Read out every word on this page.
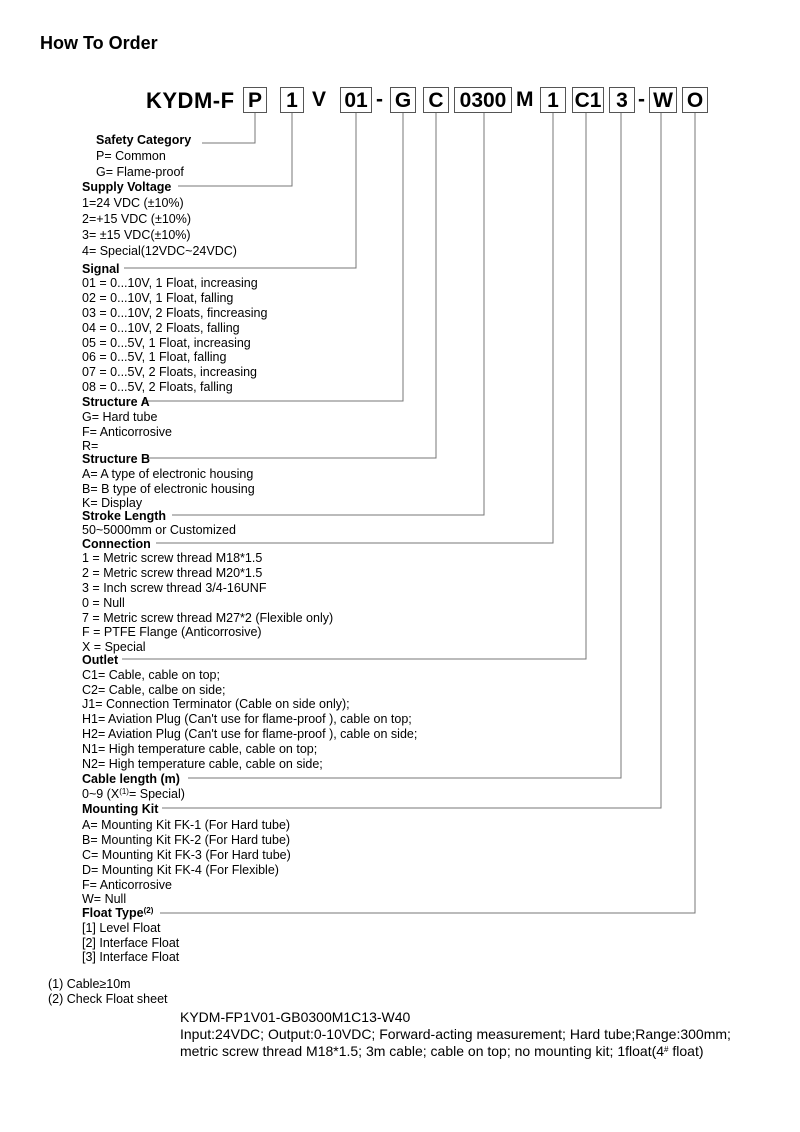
How To Order
KYDM-F P 1 V 01 - G C 0300 M 1 C1 3 - W O
Safety Category
P= Common
G= Flame-proof
Supply Voltage
1=24 VDC (±10%)
2=+15 VDC (±10%)
3= ±15 VDC(±10%)
4= Special(12VDC~24VDC)
Signal
01 = 0...10V, 1 Float, increasing
02 = 0...10V, 1 Float, falling
03 = 0...10V, 2 Floats, fincreasing
04 = 0...10V, 2 Floats, falling
05 = 0...5V, 1 Float, increasing
06 = 0...5V, 1 Float, falling
07 = 0...5V, 2 Floats, increasing
08 = 0...5V, 2 Floats, falling
Structure A
G= Hard tube
F= Anticorrosive
R=
Structure B
A= A type of electronic housing
B= B type of electronic housing
K= Display
Stroke Length
50~5000mm or Customized
Connection
1 = Metric screw thread M18*1.5
2 = Metric screw thread M20*1.5
3 = Inch screw thread 3/4-16UNF
0 = Null
7 = Metric screw thread M27*2 (Flexible only)
F = PTFE Flange (Anticorrosive)
X = Special
Outlet
C1= Cable, cable on top;
C2= Cable, calbe on side;
J1= Connection Terminator (Cable on side only);
H1= Aviation Plug (Can't use for flame-proof ), cable on top;
H2= Aviation Plug (Can't use for flame-proof ), cable on side;
N1= High temperature cable, cable on top;
N2= High temperature cable, cable on side;
Cable length (m)
0~9 ($X^{(1)}=$ Special)
Mounting Kit
A= Mounting Kit FK-1 (For Hard tube)
B= Mounting Kit FK-2 (For Hard tube)
C= Mounting Kit FK-3 (For Hard tube)
D= Mounting Kit FK-4 (For Flexible)
F= Anticorrosive
W= Null
Float Type$^{(2)}$
[1] Level Float
[2] Interface Float
[3] Interface Float
(1) Cable≥10m
(2) Check Float sheet
KYDM-FP1V01-GB0300M1C13-W40
Input:24VDC; Output:0-10VDC; Forward-acting measurement; Hard tube;Range:300mm;
metric screw thread M18*1.5; 3m cable; cable on top; no mounting kit; 1float(4# float)
